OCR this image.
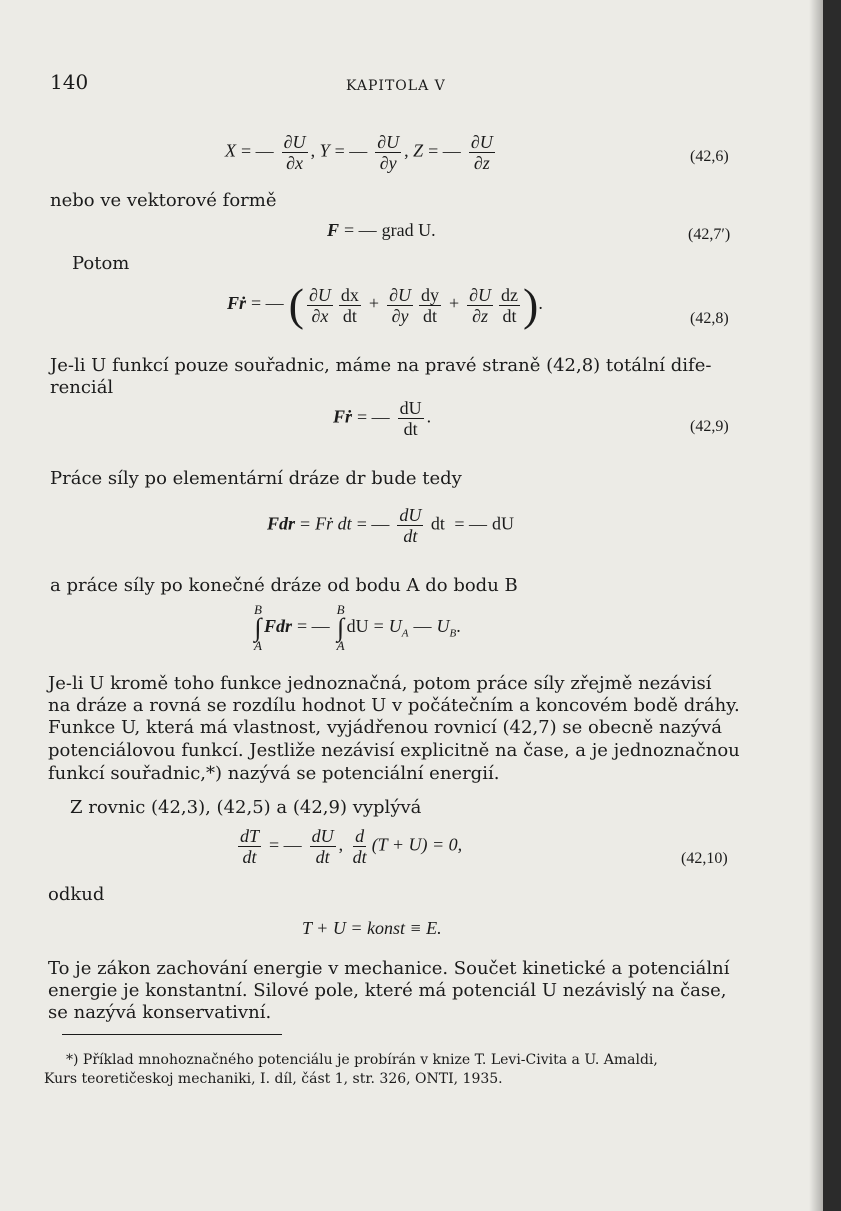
140	KAPITOLA V
X = — $\frac{\partial U}{\partial x}$ , Y = — $\frac{\partial U}{\partial y}$ , Z = — $\frac{\partial U}{\partial z}$	(42,6)
nebo ve vektorové formě
F = — grad U.	(42,7′)
Potom
Fṙ = — ( $\frac{\partial U}{\partial x} \frac{dx}{dt} + \frac{\partial U}{\partial y} \frac{dy}{dt} + \frac{\partial U}{\partial z} \frac{dz}{dt}$ ).
(42,8)
Je-li U funkcí pouze souřadnic, máme na pravé straně (42,8) totální dife-
renciál
Fṙ = — $\frac{dU}{dt}$ .	(42,9)
Práce síly po elementární dráze dr bude tedy
Fdr = Fṙ dt = — $\frac{dU}{dt}$ dt = — dU
a práce síly po konečné dráze od bodu A do bodu B
B
∫
A
Fdr = —
B
∫
A
dU = $U_A$ — $U_B$.
Je-li U kromě toho funkce jednoznačná, potom práce síly zřejmě nezávisí
na dráze a rovná se rozdílu hodnot U v počátečním a koncovém bodě dráhy.
Funkce U, která má vlastnost, vyjádřenou rovnicí (42,7) se obecně nazývá
potenciálovou funkcí. Jestliže nezávisí explicitně na čase, a je jednoznačnou
funkcí souřadnic,*) nazývá se potenciální energií.
Z rovnic (42,3), (42,5) a (42,9) vyplývá
$\frac{dT}{dt}$ = — $\frac{dU}{dt}$ , $\frac{d}{dt} (T + U) = 0$,
(42,10)
odkud
T + U = konst ≡ E.
To je zákon zachování energie v mechanice. Součet kinetické a potenciální
energie je konstantní. Silové pole, které má potenciál U nezávislý na čase,
se nazývá konservativní.
*) Příklad mnohoznačného potenciálu je probírán v knize T. Levi-Civita a U. Amaldi,
Kurs teoretičeskoj mechaniki, I. díl, část 1, str. 326, ONTI, 1935.
